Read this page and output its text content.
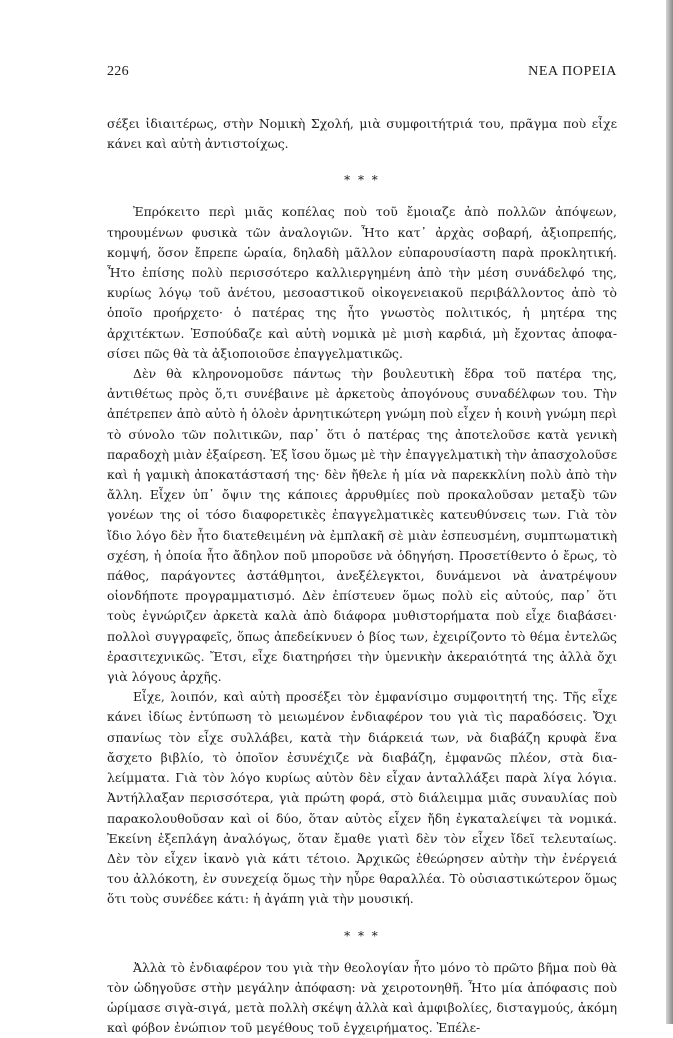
226	ΝΕΑ ΠΟΡΕΙΑ

σέξει ἰδιαιτέρως, στὴν Νομικὴ Σχολή, μιὰ συμφοιτήτριά του, πρᾶγμα ποὺ εἶχε κάνει καὶ αὐτὴ ἀντιστοίχως.

* * *

Ἐπρόκειτο περὶ μιᾶς κοπέλας ποὺ τοῦ ἔμοιαζε ἀπὸ πολλῶν ἀπόψεων, τηρουμένων φυσικὰ τῶν ἀναλογιῶν. Ἦτο κατ᾿ ἀρχὰς σοβαρή, ἀξιοπρεπής, κομψή, ὅσον ἔπρεπε ὡραία, δηλαδὴ μᾶλλον εὐπαρουσίαστη παρὰ προκλητική. Ἦτο ἐπίσης πολὺ περισσότερο καλλιεργημένη ἀπὸ τὴν μέση συνάδελφό της, κυρίως λόγῳ τοῦ ἀνέτου, μεσοαστικοῦ οἰκογενειακοῦ περιβάλλοντος ἀπὸ τὸ ὁποῖο προήρχετο· ὁ πατέρας της ἦτο γνωστὸς πολιτικός, ἡ μητέρα της ἀρχιτέκτων. Ἐσπούδαζε καὶ αὐτὴ νομικὰ μὲ μισὴ καρδιά, μὴ ἔχοντας ἀποφασίσει πῶς θὰ τὰ ἀξιοποιοῦσε ἐπαγγελματικῶς.

Δὲν θὰ κληρονομοῦσε πάντως τὴν βουλευτικὴ ἕδρα τοῦ πατέρα της, ἀντιθέτως πρὸς ὅ,τι συνέβαινε μὲ ἀρκετοὺς ἀπογόνους συναδέλφων του. Τὴν ἀπέτρεπεν ἀπὸ αὐτὸ ἡ ὁλοὲν ἀρνητικώτερη γνώμη ποὺ εἶχεν ἡ κοινὴ γνώμη περὶ τὸ σύνολο τῶν πολιτικῶν, παρ᾿ ὅτι ὁ πατέρας της ἀποτελοῦσε κατὰ γενικὴ παραδοχὴ μιὰν ἐξαίρεση. Ἐξ ἴσου ὅμως μὲ τὴν ἐπαγγελματικὴ τὴν ἀπασχολοῦσε καὶ ἡ γαμικὴ ἀποκατάστασή της· δὲν ἤθελε ἡ μία νὰ παρεκκλίνη πολὺ ἀπὸ τὴν ἄλλη. Εἶχεν ὑπ᾿ ὄψιν της κάποιες ἀρρυθμίες ποὺ προκαλοῦσαν μεταξὺ τῶν γονέων της οἱ τόσο διαφορετικὲς ἐπαγγελματικὲς κατευθύνσεις των. Γιὰ τὸν ἴδιο λόγο δὲν ἦτο διατεθειμένη νὰ ἐμπλακῆ σὲ μιὰν ἐσπευσμένη, συμπτωματικὴ σχέση, ἡ ὁποία ἦτο ἄδηλον ποῦ μποροῦσε νὰ ὁδηγήση. Προσετίθεντο ὁ ἔρως, τὸ πάθος, παράγοντες ἀστάθμητοι, ἀνεξέλεγκτοι, δυνάμενοι νὰ ἀνατρέψουν οἱονδήποτε προγραμματισμό. Δὲν ἐπίστευεν ὅμως πολὺ εἰς αὐτούς, παρ᾿ ὅτι τοὺς ἐγνώριζεν ἀρκετὰ καλὰ ἀπὸ διάφορα μυθιστορήματα ποὺ εἶχε διαβάσει· πολλοὶ συγγραφεῖς, ὅπως ἀπεδείκνυεν ὁ βίος των, ἐχειρίζοντο τὸ θέμα ἐντελῶς ἐρασιτεχνικῶς. Ἔτσι, εἶχε διατηρήσει τὴν ὑμενικὴν ἀκεραιότητά της ἀλλὰ ὄχι γιὰ λόγους ἀρχῆς.

Εἶχε, λοιπόν, καὶ αὐτὴ προσέξει τὸν ἐμφανίσιμο συμφοιτητή της. Τῆς εἶχε κάνει ἰδίως ἐντύπωση τὸ μειωμένον ἐνδιαφέρον του γιὰ τὶς παραδόσεις. Ὄχι σπανίως τὸν εἶχε συλλάβει, κατὰ τὴν διάρκειά των, νὰ διαβάζη κρυφὰ ἕνα ἄσχετο βιβλίο, τὸ ὁποῖον ἐσυνέχιζε νὰ διαβάζη, ἐμφανῶς πλέον, στὰ διαλείμματα. Γιὰ τὸν λόγο κυρίως αὐτὸν δὲν εἶχαν ἀνταλλάξει παρὰ λίγα λόγια. Ἀντήλλαξαν περισσότερα, γιὰ πρώτη φορά, στὸ διάλειμμα μιᾶς συναυλίας ποὺ παρακολουθοῦσαν καὶ οἱ δύο, ὅταν αὐτὸς εἶχεν ἤδη ἐγκαταλείψει τὰ νομικά. Ἐκείνη ἐξεπλάγη ἀναλόγως, ὅταν ἔμαθε γιατὶ δὲν τὸν εἶχεν ἴδεῖ τελευταίως. Δὲν τὸν εἶχεν ἱκανὸ γιὰ κάτι τέτοιο. Ἀρχικῶς ἐθεώρησεν αὐτὴν τὴν ἐνέργειά του ἀλλόκοτη, ἐν συνεχείᾳ ὅμως τὴν ηὗρε θαραλλέα. Τὸ οὐσιαστικώτερον ὅμως ὅτι τοὺς συνέδεε κάτι: ἡ ἀγάπη γιὰ τὴν μουσική.

* * *

Ἀλλὰ τὸ ἐνδιαφέρον του γιὰ τὴν θεολογίαν ἦτο μόνο τὸ πρῶτο βῆμα ποὺ θὰ τὸν ὡδηγοῦσε στὴν μεγάλην ἀπόφαση: νὰ χειροτονηθῆ. Ἦτο μία ἀπόφασις ποὺ ὡρίμασε σιγὰ-σιγά, μετὰ πολλὴ σκέψη ἀλλὰ καὶ ἀμφιβολίες, δισταγμούς, ἀκόμη καὶ φόβον ἐνώπιον τοῦ μεγέθους τοῦ ἐγχειρήματος. Ἐπέλε-
